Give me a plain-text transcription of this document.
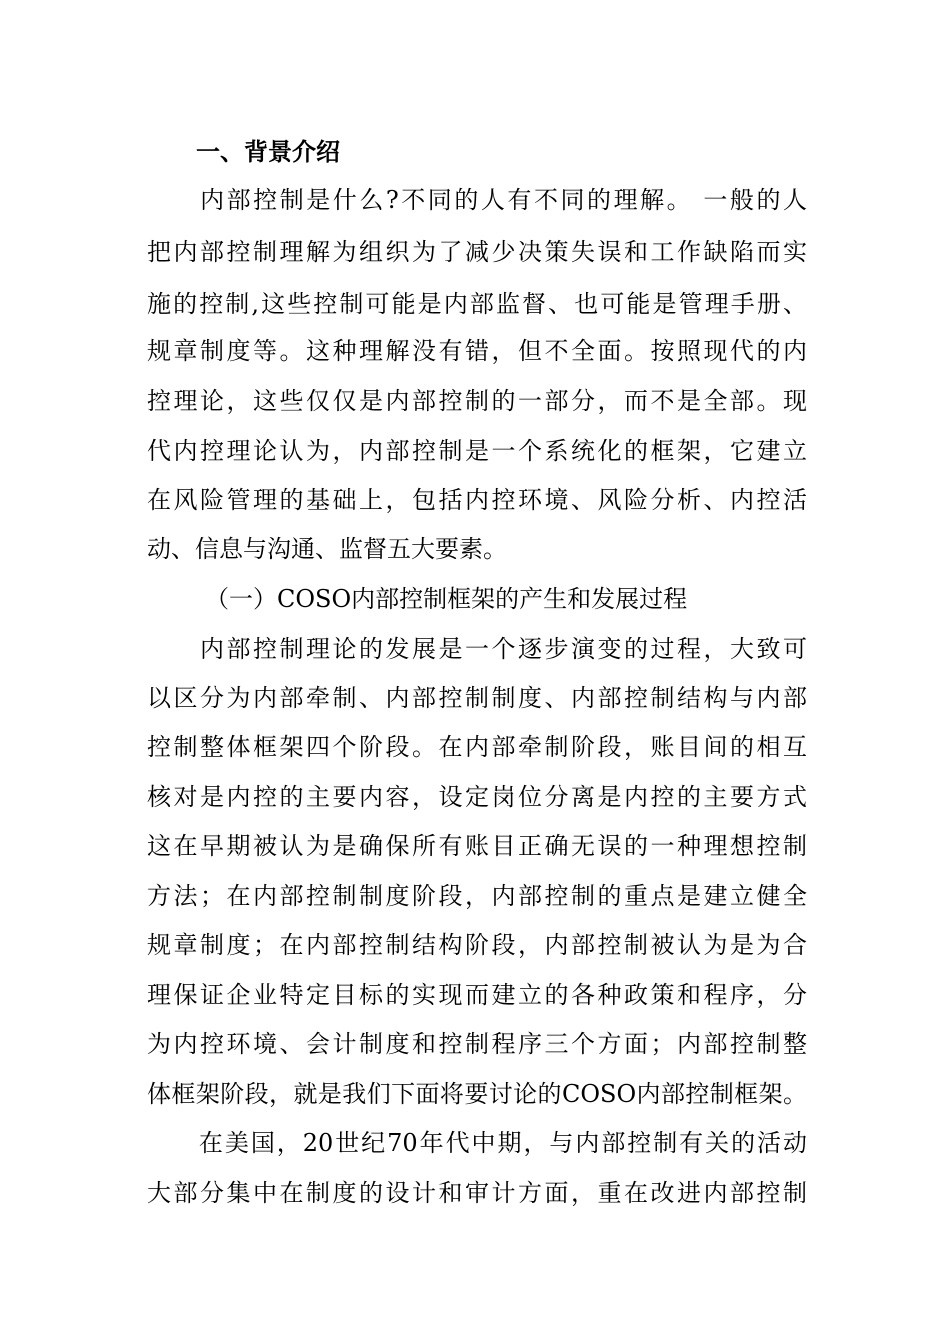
一、背景介绍
　　内部控制是什么?不同的人有不同的理解。 一般的人
把内部控制理解为组织为了减少决策失误和工作缺陷而实
施的控制,这些控制可能是内部监督、也可能是管理手册、
规章制度等。这种理解没有错，但不全面。按照现代的内
控理论，这些仅仅是内部控制的一部分，而不是全部。现
代内控理论认为，内部控制是一个系统化的框架，它建立
在风险管理的基础上，包括内控环境、风险分析、内控活
动、信息与沟通、监督五大要素。
（一）COSO内部控制框架的产生和发展过程
　　内部控制理论的发展是一个逐步演变的过程，大致可
以区分为内部牵制、内部控制制度、内部控制结构与内部
控制整体框架四个阶段。在内部牵制阶段，账目间的相互
核对是内控的主要内容，设定岗位分离是内控的主要方式
这在早期被认为是确保所有账目正确无误的一种理想控制
方法；在内部控制制度阶段，内部控制的重点是建立健全
规章制度；在内部控制结构阶段，内部控制被认为是为合
理保证企业特定目标的实现而建立的各种政策和程序，分
为内控环境、会计制度和控制程序三个方面；内部控制整
体框架阶段，就是我们下面将要讨论的COSO内部控制框架。
　　在美国，20世纪70年代中期，与内部控制有关的活动
大部分集中在制度的设计和审计方面，重在改进内部控制
